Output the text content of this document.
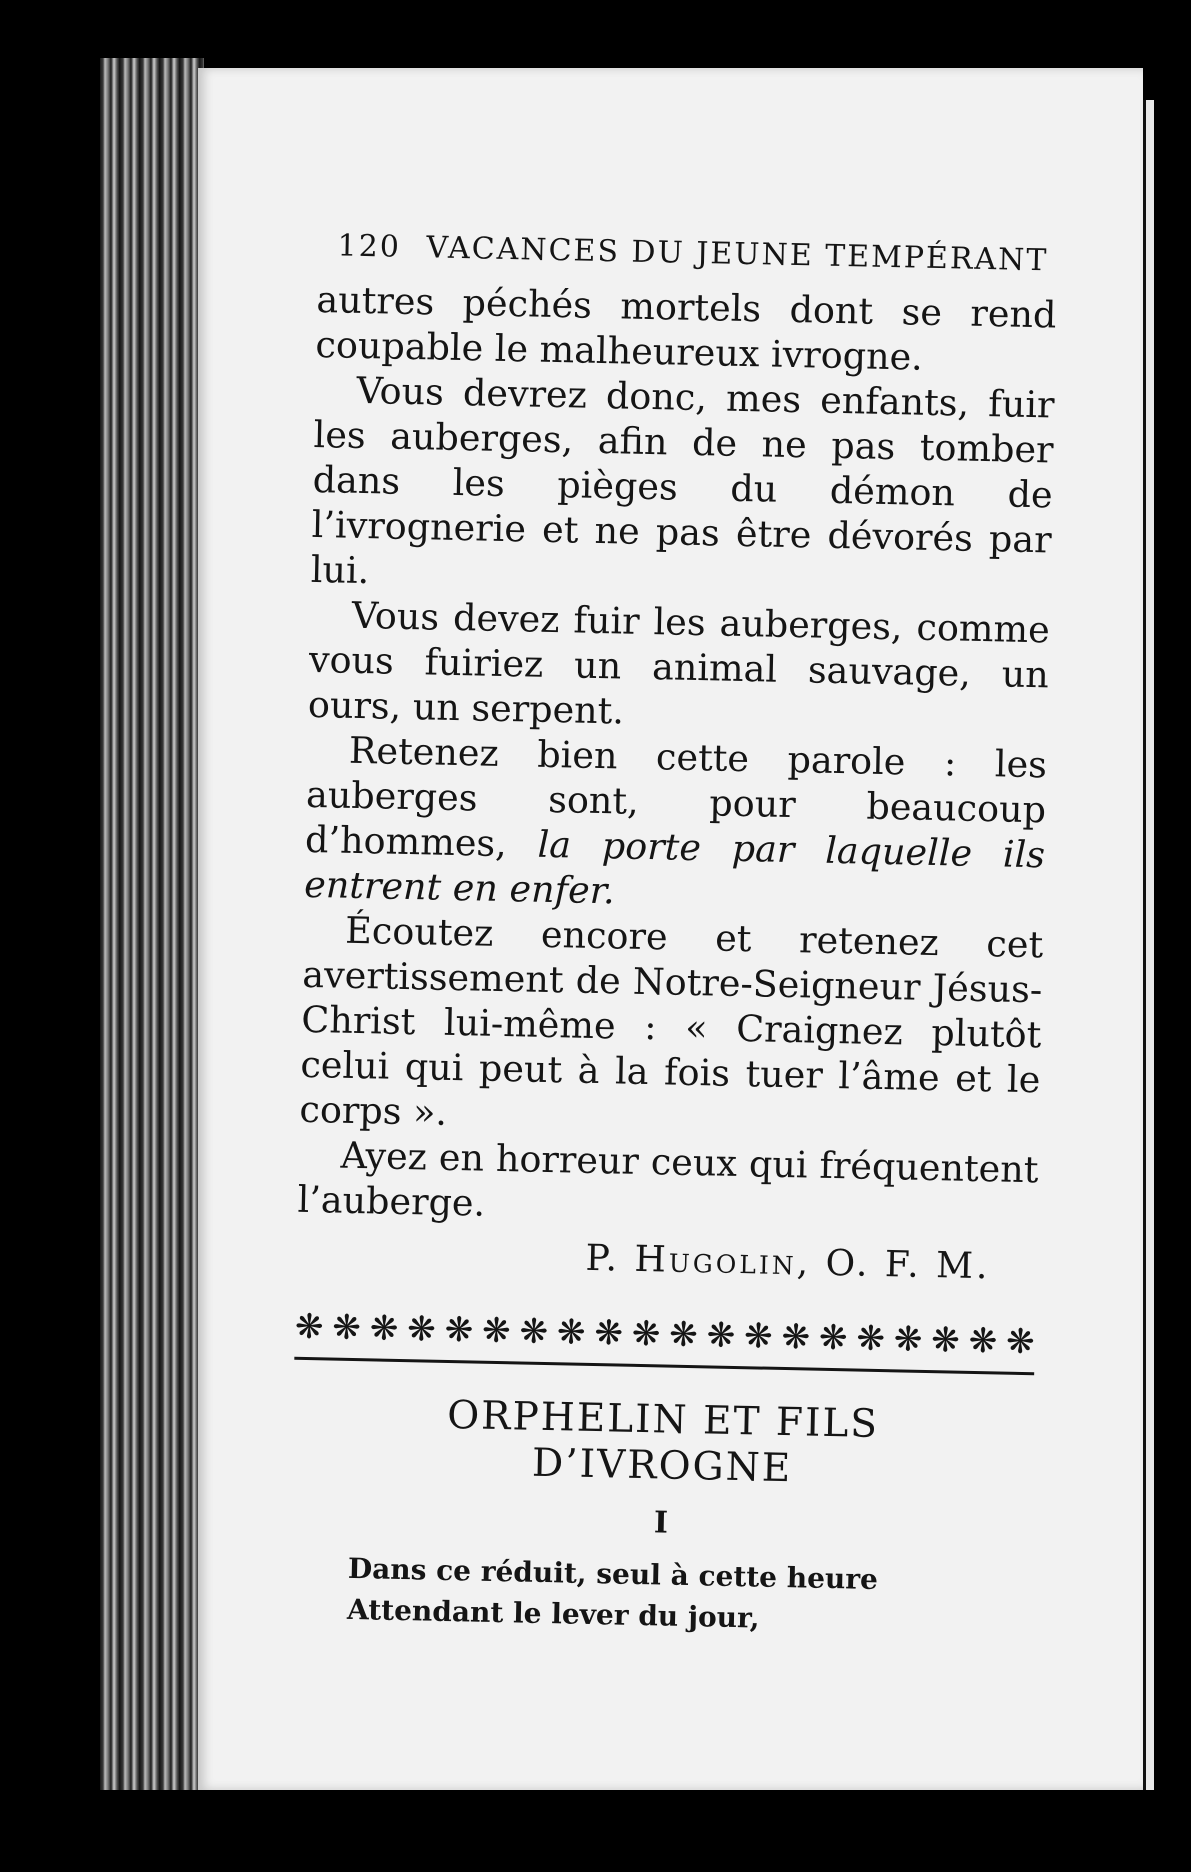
120 VACANCES DU JEUNE TEMPÉRANT

autres péchés mortels dont se rend coupable le malheureux ivrogne.

Vous devrez donc, mes enfants, fuir les auberges, afin de ne pas tomber dans les pièges du démon de l’ivrognerie et ne pas être dévorés par lui.

Vous devez fuir les auberges, comme vous fuiriez un animal sauvage, un ours, un serpent.

Retenez bien cette parole : les auberges sont, pour beaucoup d’hommes, la porte par laquelle ils entrent en enfer.

Écoutez encore et retenez cet avertissement de Notre-Seigneur Jésus-Christ lui-même : « Craignez plutôt celui qui peut à la fois tuer l’âme et le corps ».

Ayez en horreur ceux qui fréquentent l’auberge.

P. Hugolin, O. F. M.
❋ ❋ ❋ ❋ ❋ ❋ ❋ ❋ ❋ ❋ ❋ ❋ ❋ ❋ ❋ ❋ ❋ ❋ ❋ ❋
ORPHELIN ET FILS
D’IVROGNE
I
Dans ce réduit, seul à cette heure
Attendant le lever du jour,
